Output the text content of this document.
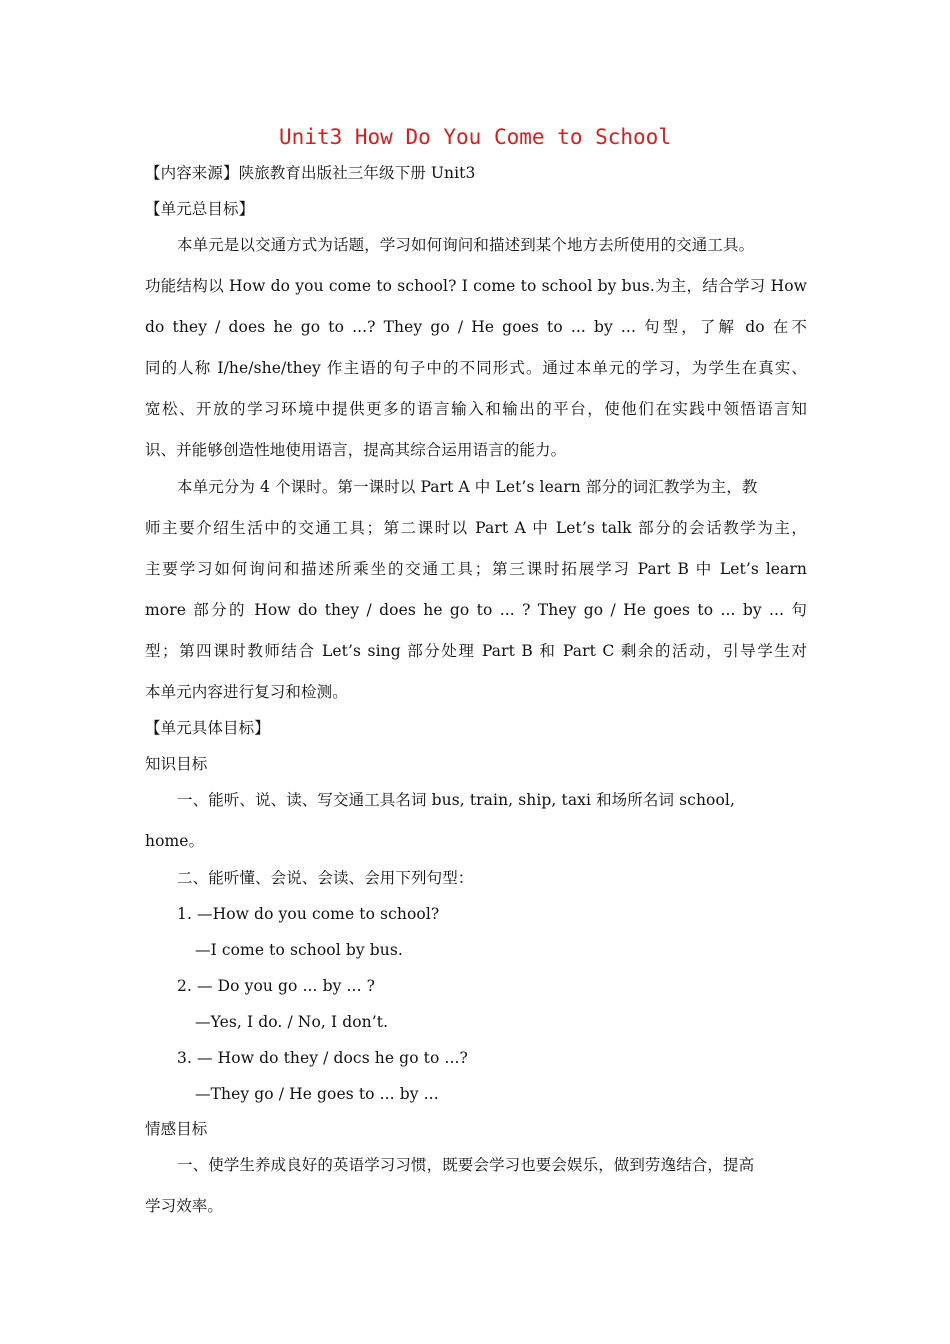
Unit3 How Do You Come to School
【内容来源】陕旅教育出版社三年级下册 Unit3
【单元总目标】
本单元是以交通方式为话题，学习如何询问和描述到某个地方去所使用的交通工具。
功能结构以 How do you come to school? I come to school by bus.为主，结合学习 How
do they / does he go to ...? They go / He goes to ... by ... 句型，了解 do 在不
同的人称 I/he/she/they 作主语的句子中的不同形式。通过本单元的学习，为学生在真实、
宽松、开放的学习环境中提供更多的语言输入和输出的平台，使他们在实践中领悟语言知
识、并能够创造性地使用语言，提高其综合运用语言的能力。
本单元分为 4 个课时。第一课时以 Part A 中 Let’s learn 部分的词汇教学为主，教
师主要介绍生活中的交通工具；第二课时以 Part A 中 Let’s talk 部分的会话教学为主，
主要学习如何询问和描述所乘坐的交通工具；第三课时拓展学习 Part B 中 Let’s learn
more 部分的 How do they / does he go to ... ? They go / He goes to ... by ... 句
型；第四课时教师结合 Let’s sing 部分处理 Part B 和 Part C 剩余的活动，引导学生对
本单元内容进行复习和检测。
【单元具体目标】
知识目标
一、能听、说、读、写交通工具名词 bus, train, ship, taxi 和场所名词 school,
home。
二、能听懂、会说、会读、会用下列句型：
1. —How do you come to school?
—I come to school by bus.
2. — Do you go ... by ... ?
—Yes, I do. / No, I don’t.
3. — How do they / docs he go to ...?
—They go / He goes to ... by ...
情感目标
一、使学生养成良好的英语学习习惯，既要会学习也要会娱乐，做到劳逸结合，提高
学习效率。
